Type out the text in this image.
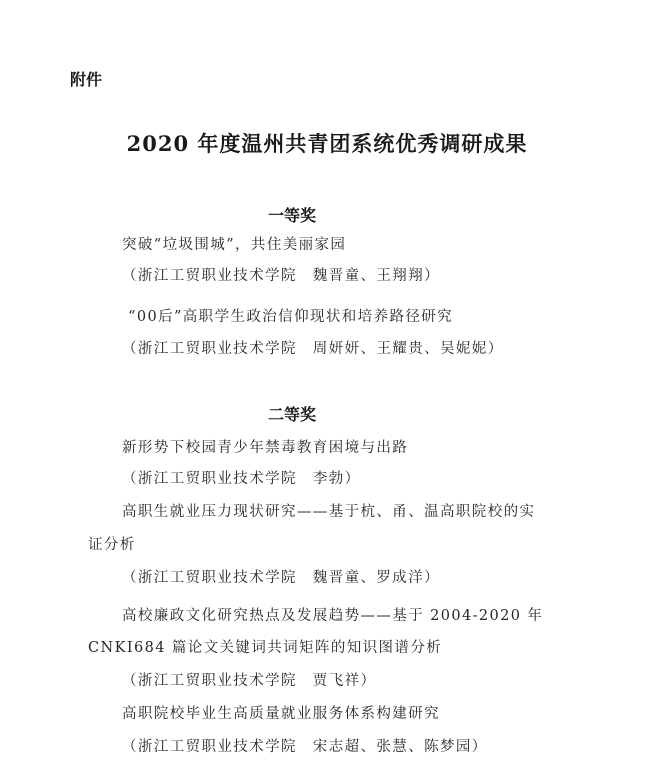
附件
2020 年度温州共青团系统优秀调研成果
一等奖
突破“垃圾围城”，共住美丽家园
（浙江工贸职业技术学院　魏晋童、王翔翔）
“00后”高职学生政治信仰现状和培养路径研究
（浙江工贸职业技术学院　周妍妍、王耀贵、吴妮妮）
二等奖
新形势下校园青少年禁毒教育困境与出路
（浙江工贸职业技术学院　李勃）
高职生就业压力现状研究——基于杭、甬、温高职院校的实
证分析
（浙江工贸职业技术学院　魏晋童、罗成洋）
高校廉政文化研究热点及发展趋势——基于 2004-2020 年
CNKI684 篇论文关键词共词矩阵的知识图谱分析
（浙江工贸职业技术学院　贾飞祥）
高职院校毕业生高质量就业服务体系构建研究
（浙江工贸职业技术学院　宋志超、张慧、陈梦园）
